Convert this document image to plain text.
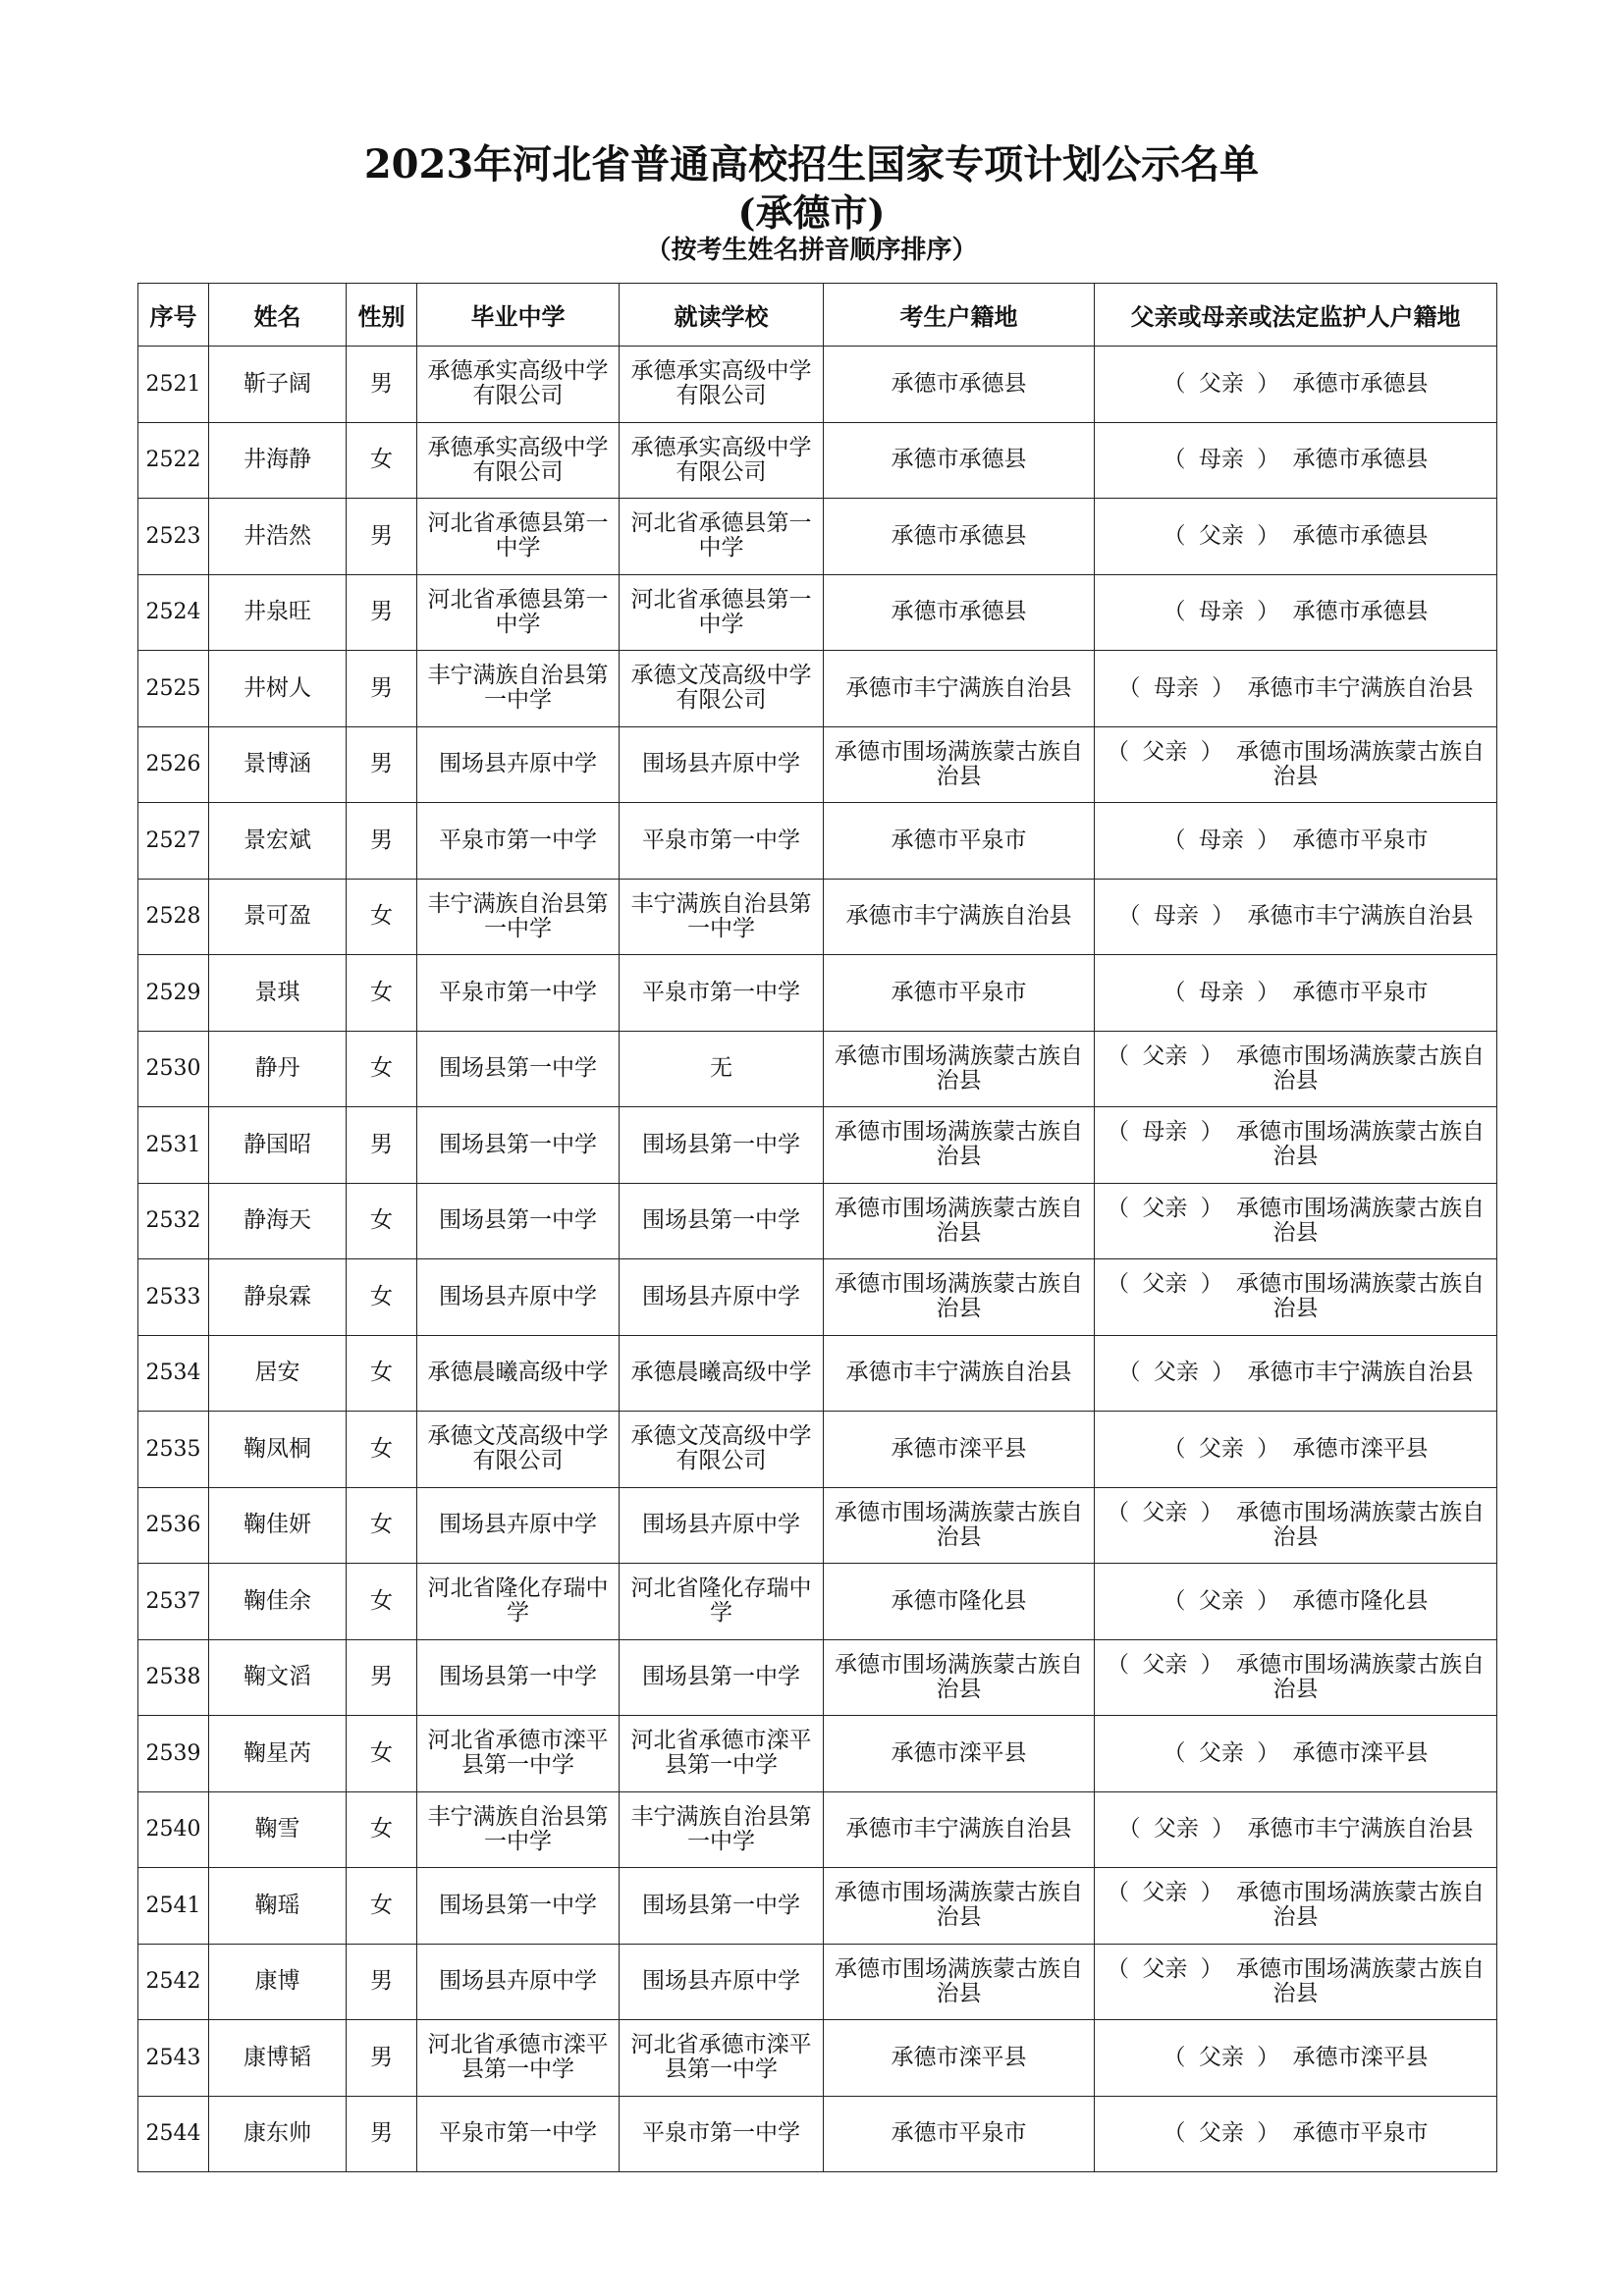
2023年河北省普通高校招生国家专项计划公示名单
(承德市)
（按考生姓名拼音顺序排序）
序号	姓名	性别	毕业中学	就读学校	考生户籍地	父亲或母亲或法定监护人户籍地
2521	靳子阔	男	承德承实高级中学有限公司	承德承实高级中学有限公司	承德市承德县	（ 父亲 ） 承德市承德县
2522	井海静	女	承德承实高级中学有限公司	承德承实高级中学有限公司	承德市承德县	（ 母亲 ） 承德市承德县
2523	井浩然	男	河北省承德县第一中学	河北省承德县第一中学	承德市承德县	（ 父亲 ） 承德市承德县
2524	井泉旺	男	河北省承德县第一中学	河北省承德县第一中学	承德市承德县	（ 母亲 ） 承德市承德县
2525	井树人	男	丰宁满族自治县第一中学	承德文茂高级中学有限公司	承德市丰宁满族自治县	（ 母亲 ） 承德市丰宁满族自治县
2526	景博涵	男	围场县卉原中学	围场县卉原中学	承德市围场满族蒙古族自治县	（ 父亲 ） 承德市围场满族蒙古族自治县
2527	景宏斌	男	平泉市第一中学	平泉市第一中学	承德市平泉市	（ 母亲 ） 承德市平泉市
2528	景可盈	女	丰宁满族自治县第一中学	丰宁满族自治县第一中学	承德市丰宁满族自治县	（ 母亲 ） 承德市丰宁满族自治县
2529	景琪	女	平泉市第一中学	平泉市第一中学	承德市平泉市	（ 母亲 ） 承德市平泉市
2530	静丹	女	围场县第一中学	无	承德市围场满族蒙古族自治县	（ 父亲 ） 承德市围场满族蒙古族自治县
2531	静国昭	男	围场县第一中学	围场县第一中学	承德市围场满族蒙古族自治县	（ 母亲 ） 承德市围场满族蒙古族自治县
2532	静海天	女	围场县第一中学	围场县第一中学	承德市围场满族蒙古族自治县	（ 父亲 ） 承德市围场满族蒙古族自治县
2533	静泉霖	女	围场县卉原中学	围场县卉原中学	承德市围场满族蒙古族自治县	（ 父亲 ） 承德市围场满族蒙古族自治县
2534	居安	女	承德晨曦高级中学	承德晨曦高级中学	承德市丰宁满族自治县	（ 父亲 ） 承德市丰宁满族自治县
2535	鞠凤桐	女	承德文茂高级中学有限公司	承德文茂高级中学有限公司	承德市滦平县	（ 父亲 ） 承德市滦平县
2536	鞠佳妍	女	围场县卉原中学	围场县卉原中学	承德市围场满族蒙古族自治县	（ 父亲 ） 承德市围场满族蒙古族自治县
2537	鞠佳余	女	河北省隆化存瑞中学	河北省隆化存瑞中学	承德市隆化县	（ 父亲 ） 承德市隆化县
2538	鞠文滔	男	围场县第一中学	围场县第一中学	承德市围场满族蒙古族自治县	（ 父亲 ） 承德市围场满族蒙古族自治县
2539	鞠星芮	女	河北省承德市滦平县第一中学	河北省承德市滦平县第一中学	承德市滦平县	（ 父亲 ） 承德市滦平县
2540	鞠雪	女	丰宁满族自治县第一中学	丰宁满族自治县第一中学	承德市丰宁满族自治县	（ 父亲 ） 承德市丰宁满族自治县
2541	鞠瑶	女	围场县第一中学	围场县第一中学	承德市围场满族蒙古族自治县	（ 父亲 ） 承德市围场满族蒙古族自治县
2542	康博	男	围场县卉原中学	围场县卉原中学	承德市围场满族蒙古族自治县	（ 父亲 ） 承德市围场满族蒙古族自治县
2543	康博韬	男	河北省承德市滦平县第一中学	河北省承德市滦平县第一中学	承德市滦平县	（ 父亲 ） 承德市滦平县
2544	康东帅	男	平泉市第一中学	平泉市第一中学	承德市平泉市	（ 父亲 ） 承德市平泉市
